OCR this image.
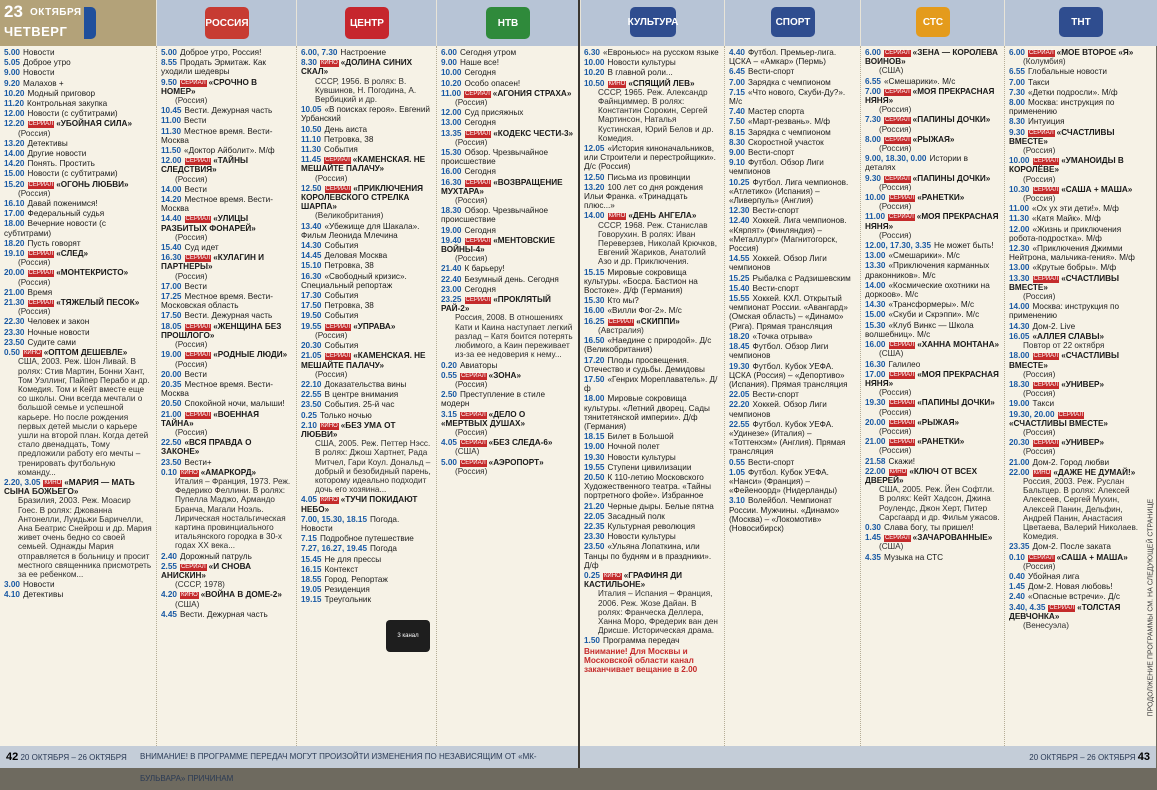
РОССИЯ	ЦЕНТР	НТВ
23 ОКТЯБРЯ
ЧЕТВЕРГ
5.00 Новости
5.05 Доброе утро
9.00 Новости
9.20 Малахов +
10.20 Модный приговор
11.20 Контрольная закупка
12.00 Новости (с субтитрами)
12.20 СЕРИАЛ «УБОЙНАЯ СИЛА»
(Россия)
13.20 Детективы
14.00 Другие новости
14.20 Понять. Простить
15.00 Новости (с субтитрами)
15.20 СЕРИАЛ «ОГОНЬ ЛЮБВИ»
(Россия)
16.10 Давай поженимся!
17.00 Федеральный судья
18.00 Вечерние новости (с субтитрами)
18.20 Пусть говорят
19.10 СЕРИАЛ «СЛЕД»
(Россия)
20.00 СЕРИАЛ «МОНТЕКРИСТО»
(Россия)
21.00 Время
21.30 СЕРИАЛ «ТЯЖЕЛЫЙ ПЕСОК»
(Россия)
22.30 Человек и закон
23.30 Ночные новости
23.50 Судите сами
0.50 КИНО «ОПТОМ ДЕШЕВЛЕ»
США, 2003. Реж. Шон Ливай. В ролях: Стив Мартин, Бонни Хант, Том Уэллинг, Пайпер Перабо и др. Комедия. Том и Кейт вместе еще со школы. Они всегда мечтали о большой семье и успешной карьере. Но после рождения первых детей мысли о карьере ушли на второй план. Когда детей стало двенадцать, Тому предложили работу его мечты – тренировать футбольную команду...
2.20, 3.05 КИНО «МАРИЯ — МАТЬ СЫНА БОЖЬЕГО»
Бразилия, 2003. Реж. Моасир Гоес. В ролях: Джованна Антонелли, Луидьжи Баричелли, Ана Беатрис Снейрош и др. Мария живет очень бедно со своей семьей. Однажды Мария отправляется в больницу и просит местного священника присмотреть за ее ребенком...
3.00 Новости
4.10 Детективы
5.00 Доброе утро, Россия!
8.55 Продать Эрмитаж. Как уходили шедевры
9.50 СЕРИАЛ «СРОЧНО В НОМЕР»
(Россия)
10.45 Вести. Дежурная часть
11.00 Вести
11.30 Местное время. Вести-Москва
11.50 «Доктор Айболит». М/ф
12.00 СЕРИАЛ «ТАЙНЫ СЛЕДСТВИЯ»
(Россия)
14.00 Вести
14.20 Местное время. Вести-Москва
14.40 СЕРИАЛ «УЛИЦЫ РАЗБИТЫХ ФОНАРЕЙ»
(Россия)
15.40 Суд идет
16.30 СЕРИАЛ «КУЛАГИН И ПАРТНЕРЫ»
(Россия)
17.00 Вести
17.25 Местное время. Вести-Московская область
17.50 Вести. Дежурная часть
18.05 СЕРИАЛ «ЖЕНЩИНА БЕЗ ПРОШЛОГО»
(Россия)
19.00 СЕРИАЛ «РОДНЫЕ ЛЮДИ»
(Россия)
20.00 Вести
20.35 Местное время. Вести-Москва
20.50 Спокойной ночи, малыши!
21.00 СЕРИАЛ «ВОЕННАЯ ТАЙНА»
(Россия)
22.50 «ВСЯ ПРАВДА О ЗАКОНЕ»
23.50 Вести+
0.10 КИНО «АМАРКОРД»
Италия – Франция, 1973. Реж. Федерико Феллини. В ролях: Пупелла Маджо, Армандо Бранча, Магали Ноэль. Лирическая ностальгическая картина провинциального итальянского городка в 30-х годах XX века...
2.40 Дорожный патруль
2.55 СЕРИАЛ «И СНОВА АНИСКИН»
(СССР, 1978)
4.20 КИНО «ВОЙНА В ДОМЕ-2»
(США)
4.45 Вести. Дежурная часть
6.00, 7.30 Настроение
8.30 КИНО «ДОЛИНА СИНИХ СКАЛ»
СССР, 1956. В ролях: В. Кувшинов, Н. Погодина, А. Вербицкий и др.
10.05 «В поисках героя». Евгений Урбанский
10.50 День аиста
11.10 Петровка, 38
11.30 События
11.45 СЕРИАЛ «КАМЕНСКАЯ. НЕ МЕШАЙТЕ ПАЛАЧУ»
(Россия)
12.50 СЕРИАЛ «ПРИКЛЮЧЕНИЯ КОРОЛЕВСКОГО СТРЕЛКА ШАРПА»
(Великобритания)
13.40 «Убежище для Шакала». Фильм Леонида Млечина
14.30 События
14.45 Деловая Москва
15.10 Петровка, 38
16.30 «Свободный кризис». Специальный репортаж
17.30 События
17.50 Петровка, 38
19.50 События
19.55 СЕРИАЛ «УПРАВА»
(Россия)
20.30 События
21.05 СЕРИАЛ «КАМЕНСКАЯ. НЕ МЕШАЙТЕ ПАЛАЧУ»
(Россия)
22.10 Доказательства вины
22.55 В центре внимания
23.50 События. 25-й час
0.25 Только ночью
2.10 КИНО «БЕЗ УМА ОТ ЛЮБВИ»
США, 2005. Реж. Петтер Нэсс. В ролях: Джош Хартнет, Рада Митчел, Гари Коул. Дональд – добрый и безобидный парень, которому идеально подходит дочь его хозяина...
4.05 КИНО «ТУЧИ ПОКИДАЮТ НЕБО»
7.00, 15.30, 18.15 Погода. Новости
7.15 Подробное путешествие
7.27, 16.27, 19.45 Погода
15.45 Не для прессы
16.15 Контекст
18.55 Город. Репортаж
19.05 Резиденция
19.15 Треугольник
6.00 Сегодня утром
9.00 Наше все!
10.00 Сегодня
10.20 Особо опасен!
11.00 СЕРИАЛ «АГОНИЯ СТРАХА»
(Россия)
12.00 Суд присяжных
13.00 Сегодня
13.35 СЕРИАЛ «КОДЕКС ЧЕСТИ-3»
(Россия)
15.30 Обзор. Чрезвычайное происшествие
16.00 Сегодня
16.30 СЕРИАЛ «ВОЗВРАЩЕНИЕ МУХТАРА»
(Россия)
18.30 Обзор. Чрезвычайное происшествие
19.00 Сегодня
19.40 СЕРИАЛ «МЕНТОВСКИЕ ВОЙНЫ-4»
(Россия)
21.40 К барьеру!
22.40 Безумный день. Сегодня
23.00 Сегодня
23.25 СЕРИАЛ «ПРОКЛЯТЫЙ РАЙ-2»
Россия, 2008. В отношениях Кати и Каина наступает легкий разлад – Катя боится потерять любимого, а Каин переживает из-за ее недоверия к нему...
0.20 Авиаторы
0.55 СЕРИАЛ «ЗОНА»
(Россия)
2.50 Преступление в стиле модерн
3.15 СЕРИАЛ «ДЕЛО О «МЕРТВЫХ ДУШАХ»
(Россия)
4.05 СЕРИАЛ «БЕЗ СЛЕДА-6»
(США)
5.00 СЕРИАЛ «АЭРОПОРТ»
(Россия)
3 канал
42 20 ОКТЯБРЯ – 26 ОКТЯБРЯ ВНИМАНИЕ! В ПРОГРАММЕ ПЕРЕДАЧ МОГУТ ПРОИЗОЙТИ ИЗМЕНЕНИЯ ПО НЕЗАВИСЯЩИМ ОТ «МК-БУЛЬВАРА» ПРИЧИНАМ
КУЛЬТУРА	СПОРТ	СТС	ТНТ
6.30 «Евроньюс» на русском языке
10.00 Новости культуры
10.20 В главной роли...
10.50 КИНО «СПЯЩИЙ ЛЕВ»
СССР, 1965. Реж. Александр Файнциммер. В ролях: Константин Сорокин, Сергей Мартинсон, Наталья Кустинская, Юрий Белов и др. Комедия.
12.05 «История киноначальников, или Строители и перестройщики». Д/с (Россия)
12.50 Письма из провинции
13.20 100 лет со дня рождения Ильи Франка. «Тринадцать плюс...»
14.00 КИНО «ДЕНЬ АНГЕЛА»
СССР, 1968. Реж. Станислав Говорухин. В ролях: Иван Переверзев, Николай Крючков, Евгений Жариков, Анатолий Азо и др. Приключения.
15.15 Мировые сокровища культуры. «Босра. Бастион на Востоке». Д/ф (Германия)
15.30 Кто мы?
16.00 «Вилли Фог-2». М/с
16.25 СЕРИАЛ «СКИППИ»
(Австралия)
16.50 «Наедине с природой». Д/с (Великобритания)
17.20 Плоды просвещения. Отечество и судьбы. Демидовы
17.50 «Генрих Мореплаватель». Д/ф
18.00 Мировые сокровища культуры. «Летний дворец. Сады тянитетянской империи». Д/ф (Германия)
18.15 Билет в Большой
19.00 Ночной полет
19.30 Новости культуры
19.55 Ступени цивилизации
20.50 К 110-летию Московского Художественного театра. «Тайны портретного фойе». Избранное
21.20 Черные дыры. Белые пятна
22.05 Засадный полк
22.35 Культурная революция
23.30 Новости культуры
23.50 «Ульяна Лопаткина, или Танцы по будням и в праздники». Д/ф
0.25 КИНО «ГРАФИНЯ ДИ КАСТИЛЬОНЕ»
Италия – Испания – Франция, 2006. Реж. Жозе Дайан. В ролях: Франческа Деллера, Ханна Моро, Фредерик ван ден Дрисше. Историческая драма.
1.50 Программа передач
Внимание! Для Москвы и Московской области канал заканчивает вещание в 2.00
4.40 Футбол. Премьер-лига. ЦСКА – «Амкар» (Пермь)
6.45 Вести-спорт
7.00 Зарядка с чемпионом
7.15 «Что нового, Скуби-Ду?». М/с
7.40 Мастер спорта
7.50 «Март-резвань». М/ф
8.15 Зарядка с чемпионом
8.30 Скоростной участок
9.00 Вести-спорт
9.10 Футбол. Обзор Лиги чемпионов
10.25 Футбол. Лига чемпионов. «Атлетико» (Испания) – «Ливерпуль» (Англия)
12.30 Вести-спорт
12.40 Хоккей. Лига чемпионов. «Кярпят» (Финляндия) – «Металлург» (Магнитогорск, Россия)
14.55 Хоккей. Обзор Лиги чемпионов
15.25 Рыбалка с Радзишевским
15.40 Вести-спорт
15.55 Хоккей. КХЛ. Открытый чемпионат России. «Авангард» (Омская область) – «Динамо» (Рига). Прямая трансляция
18.20 «Точка отрыва»
18.45 Футбол. Обзор Лиги чемпионов
19.30 Футбол. Кубок УЕФА. ЦСКА (Россия) – «Депортиво» (Испания). Прямая трансляция
22.05 Вести-спорт
22.20 Хоккей. Обзор Лиги чемпионов
22.55 Футбол. Кубок УЕФА. «Удинезе» (Италия) – «Тоттенхэм» (Англия). Прямая трансляция
0.55 Вести-спорт
1.05 Футбол. Кубок УЕФА. «Нанси» (Франция) – «Фейеноорд» (Нидерланды)
3.10 Волейбол. Чемпионат России. Мужчины. «Динамо» (Москва) – «Локомотив» (Новосибирск)
6.00 СЕРИАЛ «ЗЕНА — КОРОЛЕВА ВОИНОВ»
(США)
6.55 «Смешарики». М/с
7.00 СЕРИАЛ «МОЯ ПРЕКРАСНАЯ НЯНЯ»
(Россия)
7.30 СЕРИАЛ «ПАПИНЫ ДОЧКИ»
(Россия)
8.00 СЕРИАЛ «РЫЖАЯ»
(Россия)
9.00, 18.30, 0.00 Истории в деталях
9.30 СЕРИАЛ «ПАПИНЫ ДОЧКИ»
(Россия)
10.00 СЕРИАЛ «РАНЕТКИ»
(Россия)
11.00 СЕРИАЛ «МОЯ ПРЕКРАСНАЯ НЯНЯ»
(Россия)
12.00, 17.30, 3.35 Не может быть!
13.00 «Смешарики». М/с
13.30 «Приключения карманных драконников». М/с
14.00 «Космические охотники на доркоов». М/с
14.30 «Трансформеры». М/с
15.00 «Скуби и Скрэппи». М/с
15.30 «Клуб Винкс — Школа волшебниц». М/с
16.00 СЕРИАЛ «ХАННА МОНТАНА»
(США)
16.30 Галилео
17.00 СЕРИАЛ «МОЯ ПРЕКРАСНАЯ НЯНЯ»
(Россия)
19.30 СЕРИАЛ «ПАПИНЫ ДОЧКИ»
(Россия)
20.00 СЕРИАЛ «РЫЖАЯ»
(Россия)
21.00 СЕРИАЛ «РАНЕТКИ»
(Россия)
21.58 Скажи!
22.00 КИНО «КЛЮЧ ОТ ВСЕХ ДВЕРЕЙ»
США, 2005. Реж. Йен Софтли. В ролях: Кейт Хадсон, Джина Роулендс, Джон Херт, Питер Сарсгаард и др. Фильм ужасов.
0.30 Слава богу, ты пришел!
1.45 СЕРИАЛ «ЗАЧАРОВАННЫЕ»
(США)
4.35 Музыка на СТС
6.00 СЕРИАЛ «МОЕ ВТОРОЕ «Я»
(Колумбия)
6.55 Глобальные новости
7.00 Такси
7.30 «Детки подросли». М/ф
8.00 Москва: инструкция по применению
8.30 Интуиция
9.30 СЕРИАЛ «СЧАСТЛИВЫ ВМЕСТЕ»
(Россия)
10.00 СЕРИАЛ «УМАНОИДЫ В КОРОЛЁВЕ»
(Россия)
10.30 СЕРИАЛ «САША + МАША»
(Россия)
11.00 «Ох ух эти дети!». М/ф
11.30 «Катя Майк». М/ф
12.00 «Жизнь и приключения робота-подростка». М/ф
12.30 «Приключения Джимми Нейтрона, мальчика-гения». М/ф
13.00 «Крутые бобры». М/ф
13.30 СЕРИАЛ «СЧАСТЛИВЫ ВМЕСТЕ»
(Россия)
14.00 Москва: инструкция по применению
14.30 Дом-2. Live
16.05 «АЛЛЕЯ СЛАВЫ»
Повтор от 22 октября
18.00 СЕРИАЛ «СЧАСТЛИВЫ ВМЕСТЕ»
(Россия)
18.30 СЕРИАЛ «УНИВЕР»
(Россия)
19.00 Такси
19.30, 20.00 СЕРИАЛ«СЧАСТЛИВЫ ВМЕСТЕ»
(Россия)
20.30 СЕРИАЛ «УНИВЕР»
(Россия)
21.00 Дом-2. Город любви
22.00 КИНО «ДАЖЕ НЕ ДУМАЙ!»
Россия, 2003. Реж. Руслан Бальтцер. В ролях: Алексей Алексеев, Сергей Мухин, Алексей Панин, Дельфин, Андрей Панин, Анастасия Цветаева, Валерий Николаев. Комедия.
23.35 Дом-2. После заката
0.10 СЕРИАЛ «САША + МАША»
(Россия)
0.40 Убойная лига
1.45 Дом-2. Новая любовь!
2.40 «Опасные встречи». Д/с
3.40, 4.35 СЕРИАЛ «ТОЛСТАЯ ДЕВЧОНКА»
(Венесуэла)	ПРОДОЛЖЕНИЕ ПРОГРАММЫ СМ. НА СЛЕДУЮЩЕЙ СТРАНИЦЕ
20 ОКТЯБРЯ – 26 ОКТЯБРЯ 43
